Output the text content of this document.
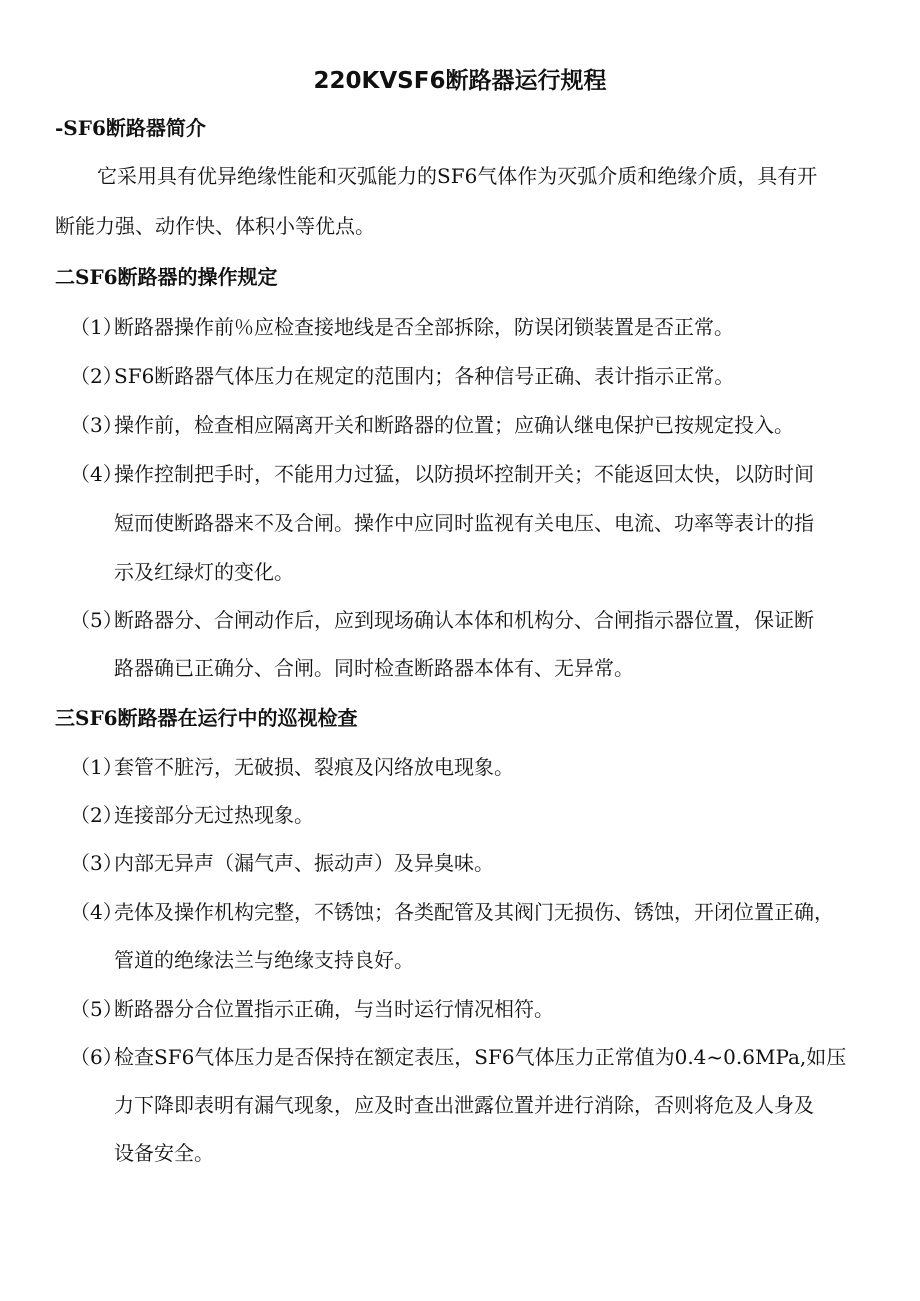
220KVSF6断路器运行规程
-SF6断路器简介
它采用具有优异绝缘性能和灭弧能力的SF6气体作为灭弧介质和绝缘介质，具有开
断能力强、动作快、体积小等优点。
二SF6断路器的操作规定
（1）断路器操作前％应检查接地线是否全部拆除，防误闭锁装置是否正常。
（2）SF6断路器气体压力在规定的范围内；各种信号正确、表计指示正常。
（3）操作前，检查相应隔离开关和断路器的位置；应确认继电保护已按规定投入。
（4）操作控制把手时，不能用力过猛，以防损坏控制开关；不能返回太快，以防时间
短而使断路器来不及合闸。操作中应同时监视有关电压、电流、功率等表计的指
示及红绿灯的变化。
（5）断路器分、合闸动作后，应到现场确认本体和机构分、合闸指示器位置，保证断
路器确已正确分、合闸。同时检查断路器本体有、无异常。
三SF6断路器在运行中的巡视检查
（1）套管不脏污，无破损、裂痕及闪络放电现象。
（2）连接部分无过热现象。
（3）内部无异声（漏气声、振动声）及异臭味。
（4）壳体及操作机构完整，不锈蚀；各类配管及其阀门无损伤、锈蚀，开闭位置正确，
管道的绝缘法兰与绝缘支持良好。
（5）断路器分合位置指示正确，与当时运行情况相符。
（6）检查SF6气体压力是否保持在额定表压，SF6气体压力正常值为0.4~0.6MPa,如压
力下降即表明有漏气现象，应及时查出泄露位置并进行消除，否则将危及人身及
设备安全。
